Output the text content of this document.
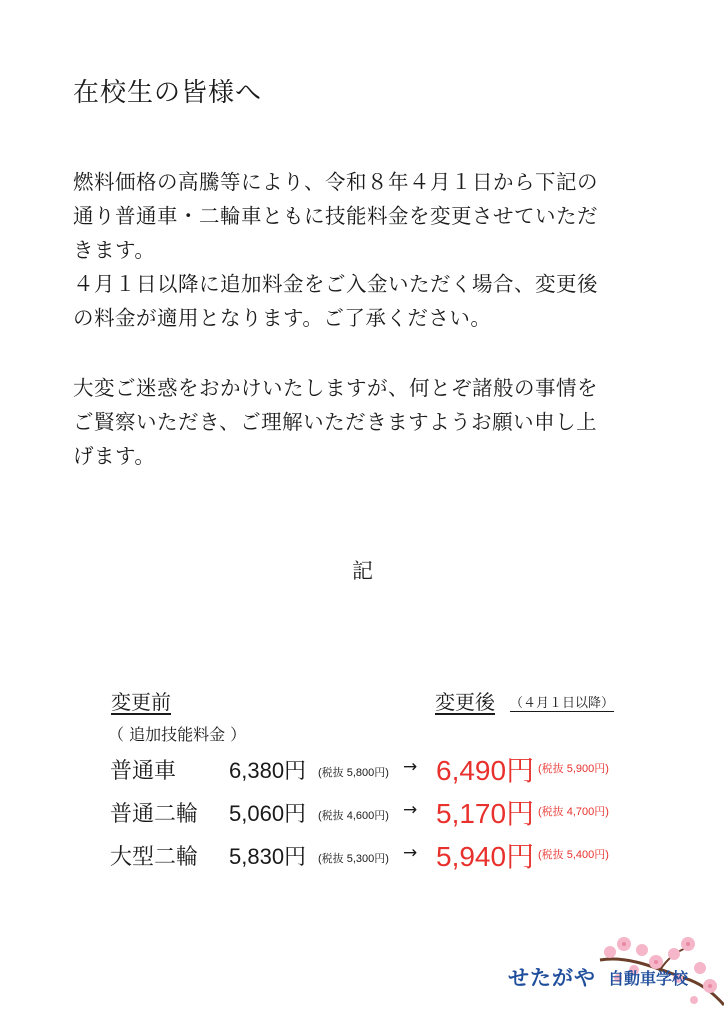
在校生の皆様へ

燃料価格の高騰等により、令和８年４月１日から下記の

通り普通車・二輪車ともに技能料金を変更させていただ

きます。

４月１日以降に追加料金をご入金いただく場合、変更後

の料金が適用となります。ご了承ください。

大変ご迷惑をおかけいたしますが、何とぞ諸般の事情を

ご賢察いただき、ご理解いただきますようお願い申し上

げます。

記
変更前	変更後 （４月１日以降）
（ 追加技能料金 ）
普通車 6,380円 (税抜 5,800円) → 6,490円 (税抜 5,900円)
普通二輪 5,060円 (税抜 4,600円) → 5,170円 (税抜 4,700円)
大型二輪 5,830円 (税抜 5,300円) → 5,940円 (税抜 5,400円)
せたがや 自動車学校
